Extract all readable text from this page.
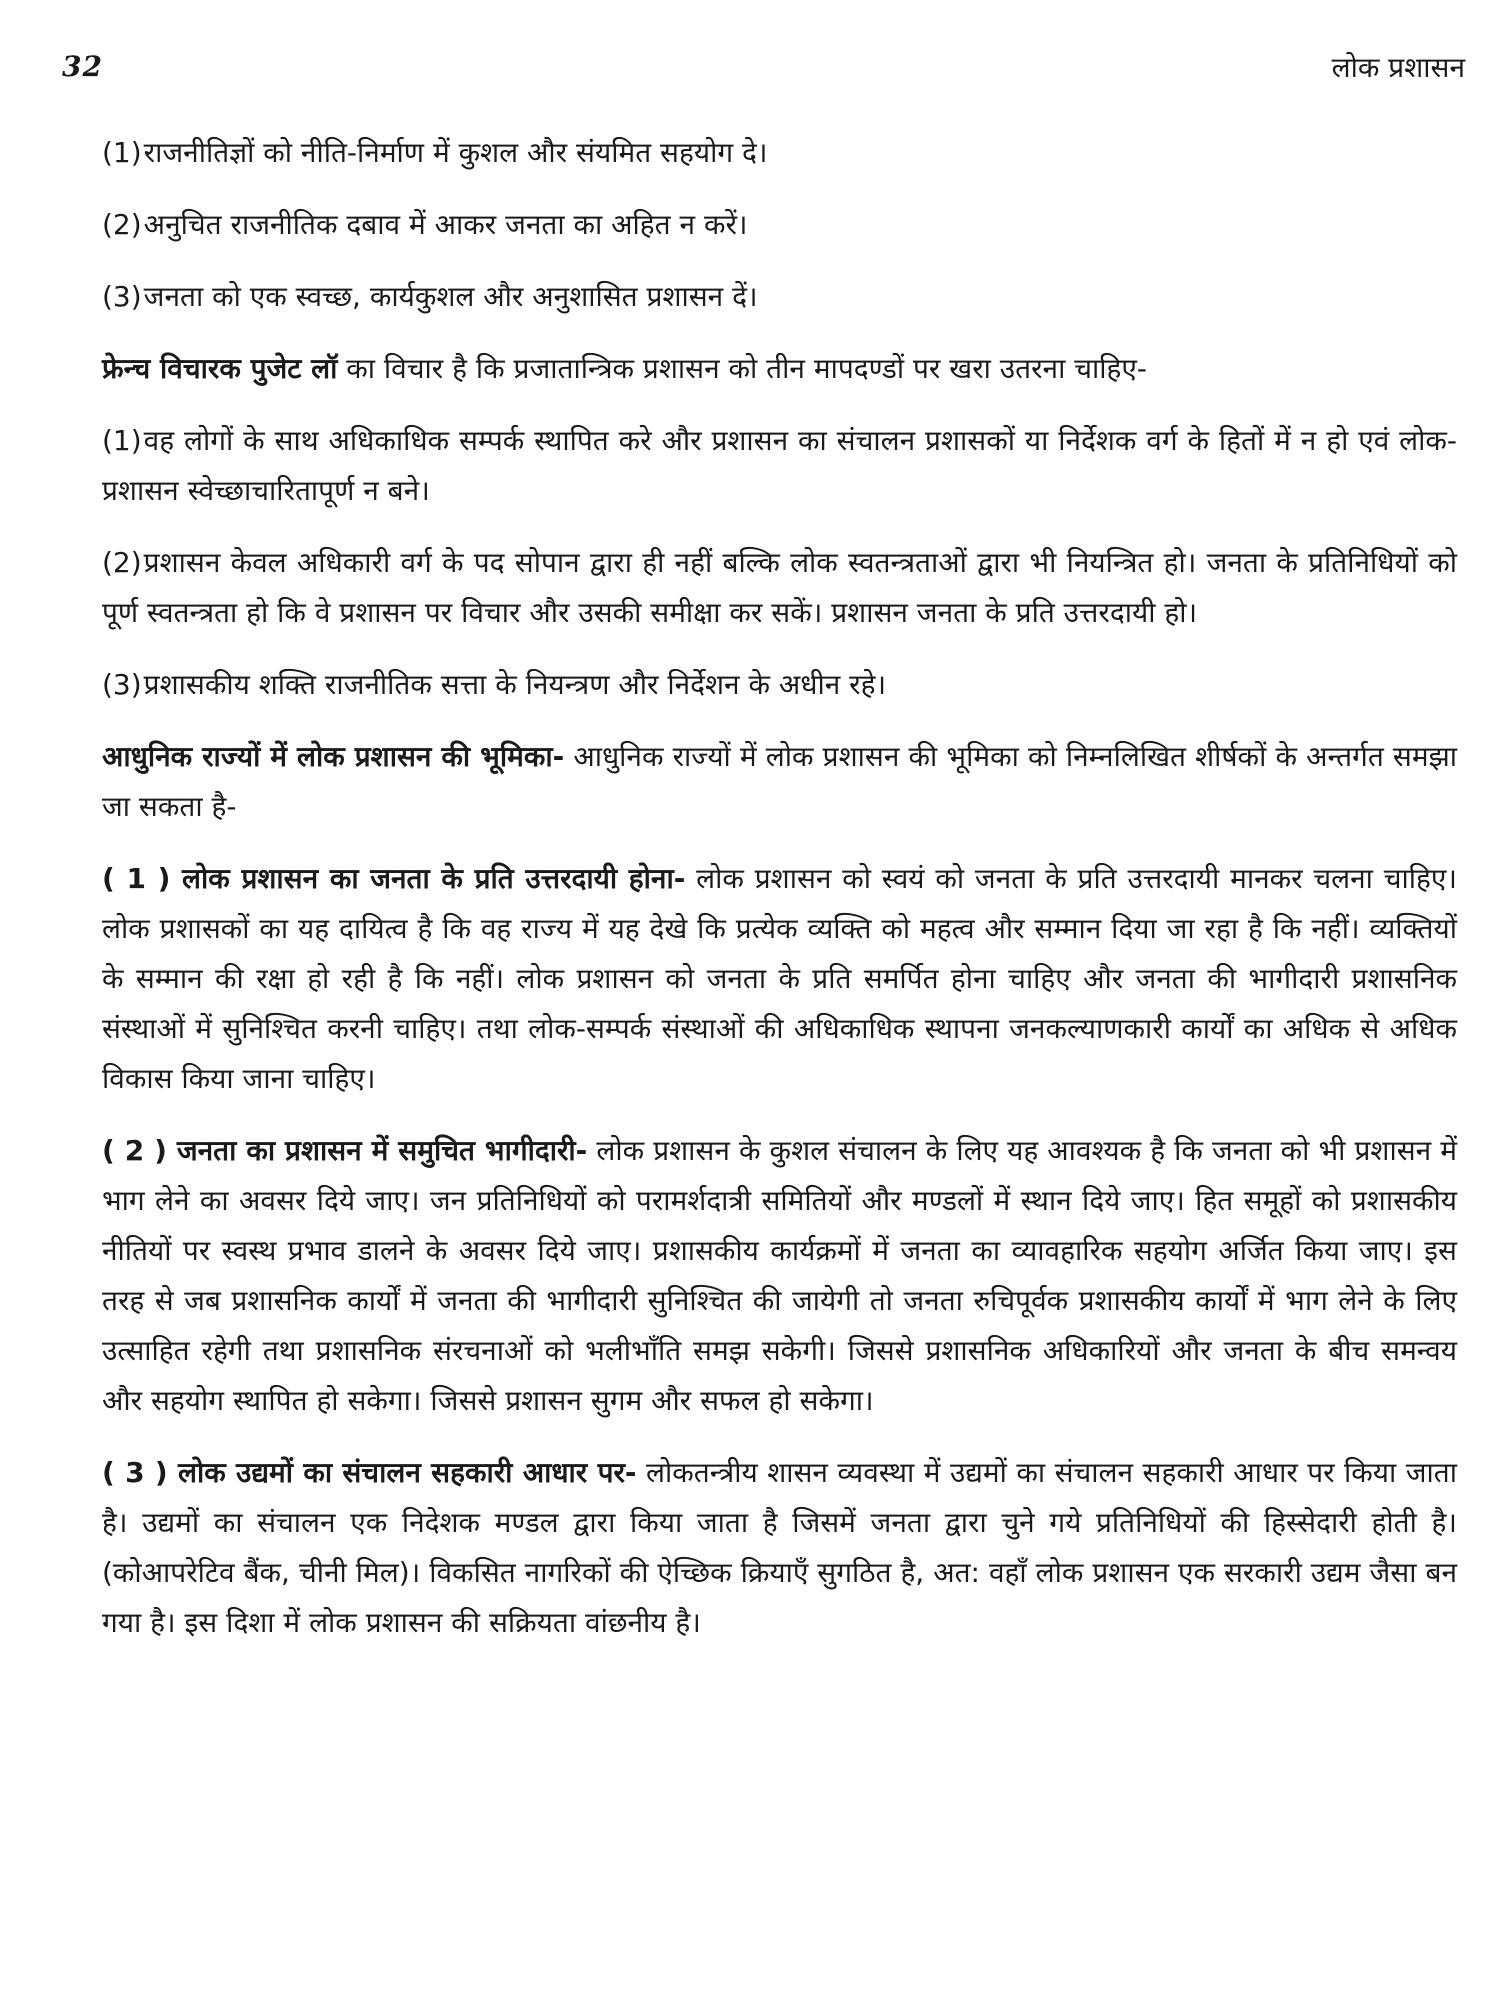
32	लोक प्रशासन

(1)राजनीतिज्ञों को नीति-निर्माण में कुशल और संयमित सहयोग दे।

(2)अनुचित राजनीतिक दबाव में आकर जनता का अहित न करें।

(3)जनता को एक स्वच्छ, कार्यकुशल और अनुशासित प्रशासन दें।

फ्रेन्च विचारक पुजेट लॉ का विचार है कि प्रजातान्त्रिक प्रशासन को तीन मापदण्डों पर खरा उतरना चाहिए-

(1)वह लोगों के साथ अधिकाधिक सम्पर्क स्थापित करे और प्रशासन का संचालन प्रशासकों या निर्देशक वर्ग के हितों में न हो एवं लोक-प्रशासन स्वेच्छाचारितापूर्ण न बने।

(2)प्रशासन केवल अधिकारी वर्ग के पद सोपान द्वारा ही नहीं बल्कि लोक स्वतन्त्रताओं द्वारा भी नियन्त्रित हो। जनता के प्रतिनिधियों को पूर्ण स्वतन्त्रता हो कि वे प्रशासन पर विचार और उसकी समीक्षा कर सकें। प्रशासन जनता के प्रति उत्तरदायी हो।

(3)प्रशासकीय शक्ति राजनीतिक सत्ता के नियन्त्रण और निर्देशन के अधीन रहे।

आधुनिक राज्यों में लोक प्रशासन की भूमिका- आधुनिक राज्यों में लोक प्रशासन की भूमिका को निम्नलिखित शीर्षकों के अन्तर्गत समझा जा सकता है-

( 1 ) लोक प्रशासन का जनता के प्रति उत्तरदायी होना- लोक प्रशासन को स्वयं को जनता के प्रति उत्तरदायी मानकर चलना चाहिए। लोक प्रशासकों का यह दायित्व है कि वह राज्य में यह देखे कि प्रत्येक व्यक्ति को महत्व और सम्मान दिया जा रहा है कि नहीं। व्यक्तियों के सम्मान की रक्षा हो रही है कि नहीं। लोक प्रशासन को जनता के प्रति समर्पित होना चाहिए और जनता की भागीदारी प्रशासनिक संस्थाओं में सुनिश्चित करनी चाहिए। तथा लोक-सम्पर्क संस्थाओं की अधिकाधिक स्थापना जनकल्याणकारी कार्यों का अधिक से अधिक विकास किया जाना चाहिए।

( 2 ) जनता का प्रशासन में समुचित भागीदारी- लोक प्रशासन के कुशल संचालन के लिए यह आवश्यक है कि जनता को भी प्रशासन में भाग लेने का अवसर दिये जाए। जन प्रतिनिधियों को परामर्शदात्री समितियों और मण्डलों में स्थान दिये जाए। हित समूहों को प्रशासकीय नीतियों पर स्वस्थ प्रभाव डालने के अवसर दिये जाए। प्रशासकीय कार्यक्रमों में जनता का व्यावहारिक सहयोग अर्जित किया जाए। इस तरह से जब प्रशासनिक कार्यों में जनता की भागीदारी सुनिश्चित की जायेगी तो जनता रुचिपूर्वक प्रशासकीय कार्यों में भाग लेने के लिए उत्साहित रहेगी तथा प्रशासनिक संरचनाओं को भलीभाँति समझ सकेगी। जिससे प्रशासनिक अधिकारियों और जनता के बीच समन्वय और सहयोग स्थापित हो सकेगा। जिससे प्रशासन सुगम और सफल हो सकेगा।

( 3 ) लोक उद्यमों का संचालन सहकारी आधार पर- लोकतन्त्रीय शासन व्यवस्था में उद्यमों का संचालन सहकारी आधार पर किया जाता है। उद्यमों का संचालन एक निदेशक मण्डल द्वारा किया जाता है जिसमें जनता द्वारा चुने गये प्रतिनिधियों की हिस्सेदारी होती है। (कोआपरेटिव बैंक, चीनी मिल)। विकसित नागरिकों की ऐच्छिक क्रियाएँ सुगठित है, अत: वहाँ लोक प्रशासन एक सरकारी उद्यम जैसा बन गया है। इस दिशा में लोक प्रशासन की सक्रियता वांछनीय है।
